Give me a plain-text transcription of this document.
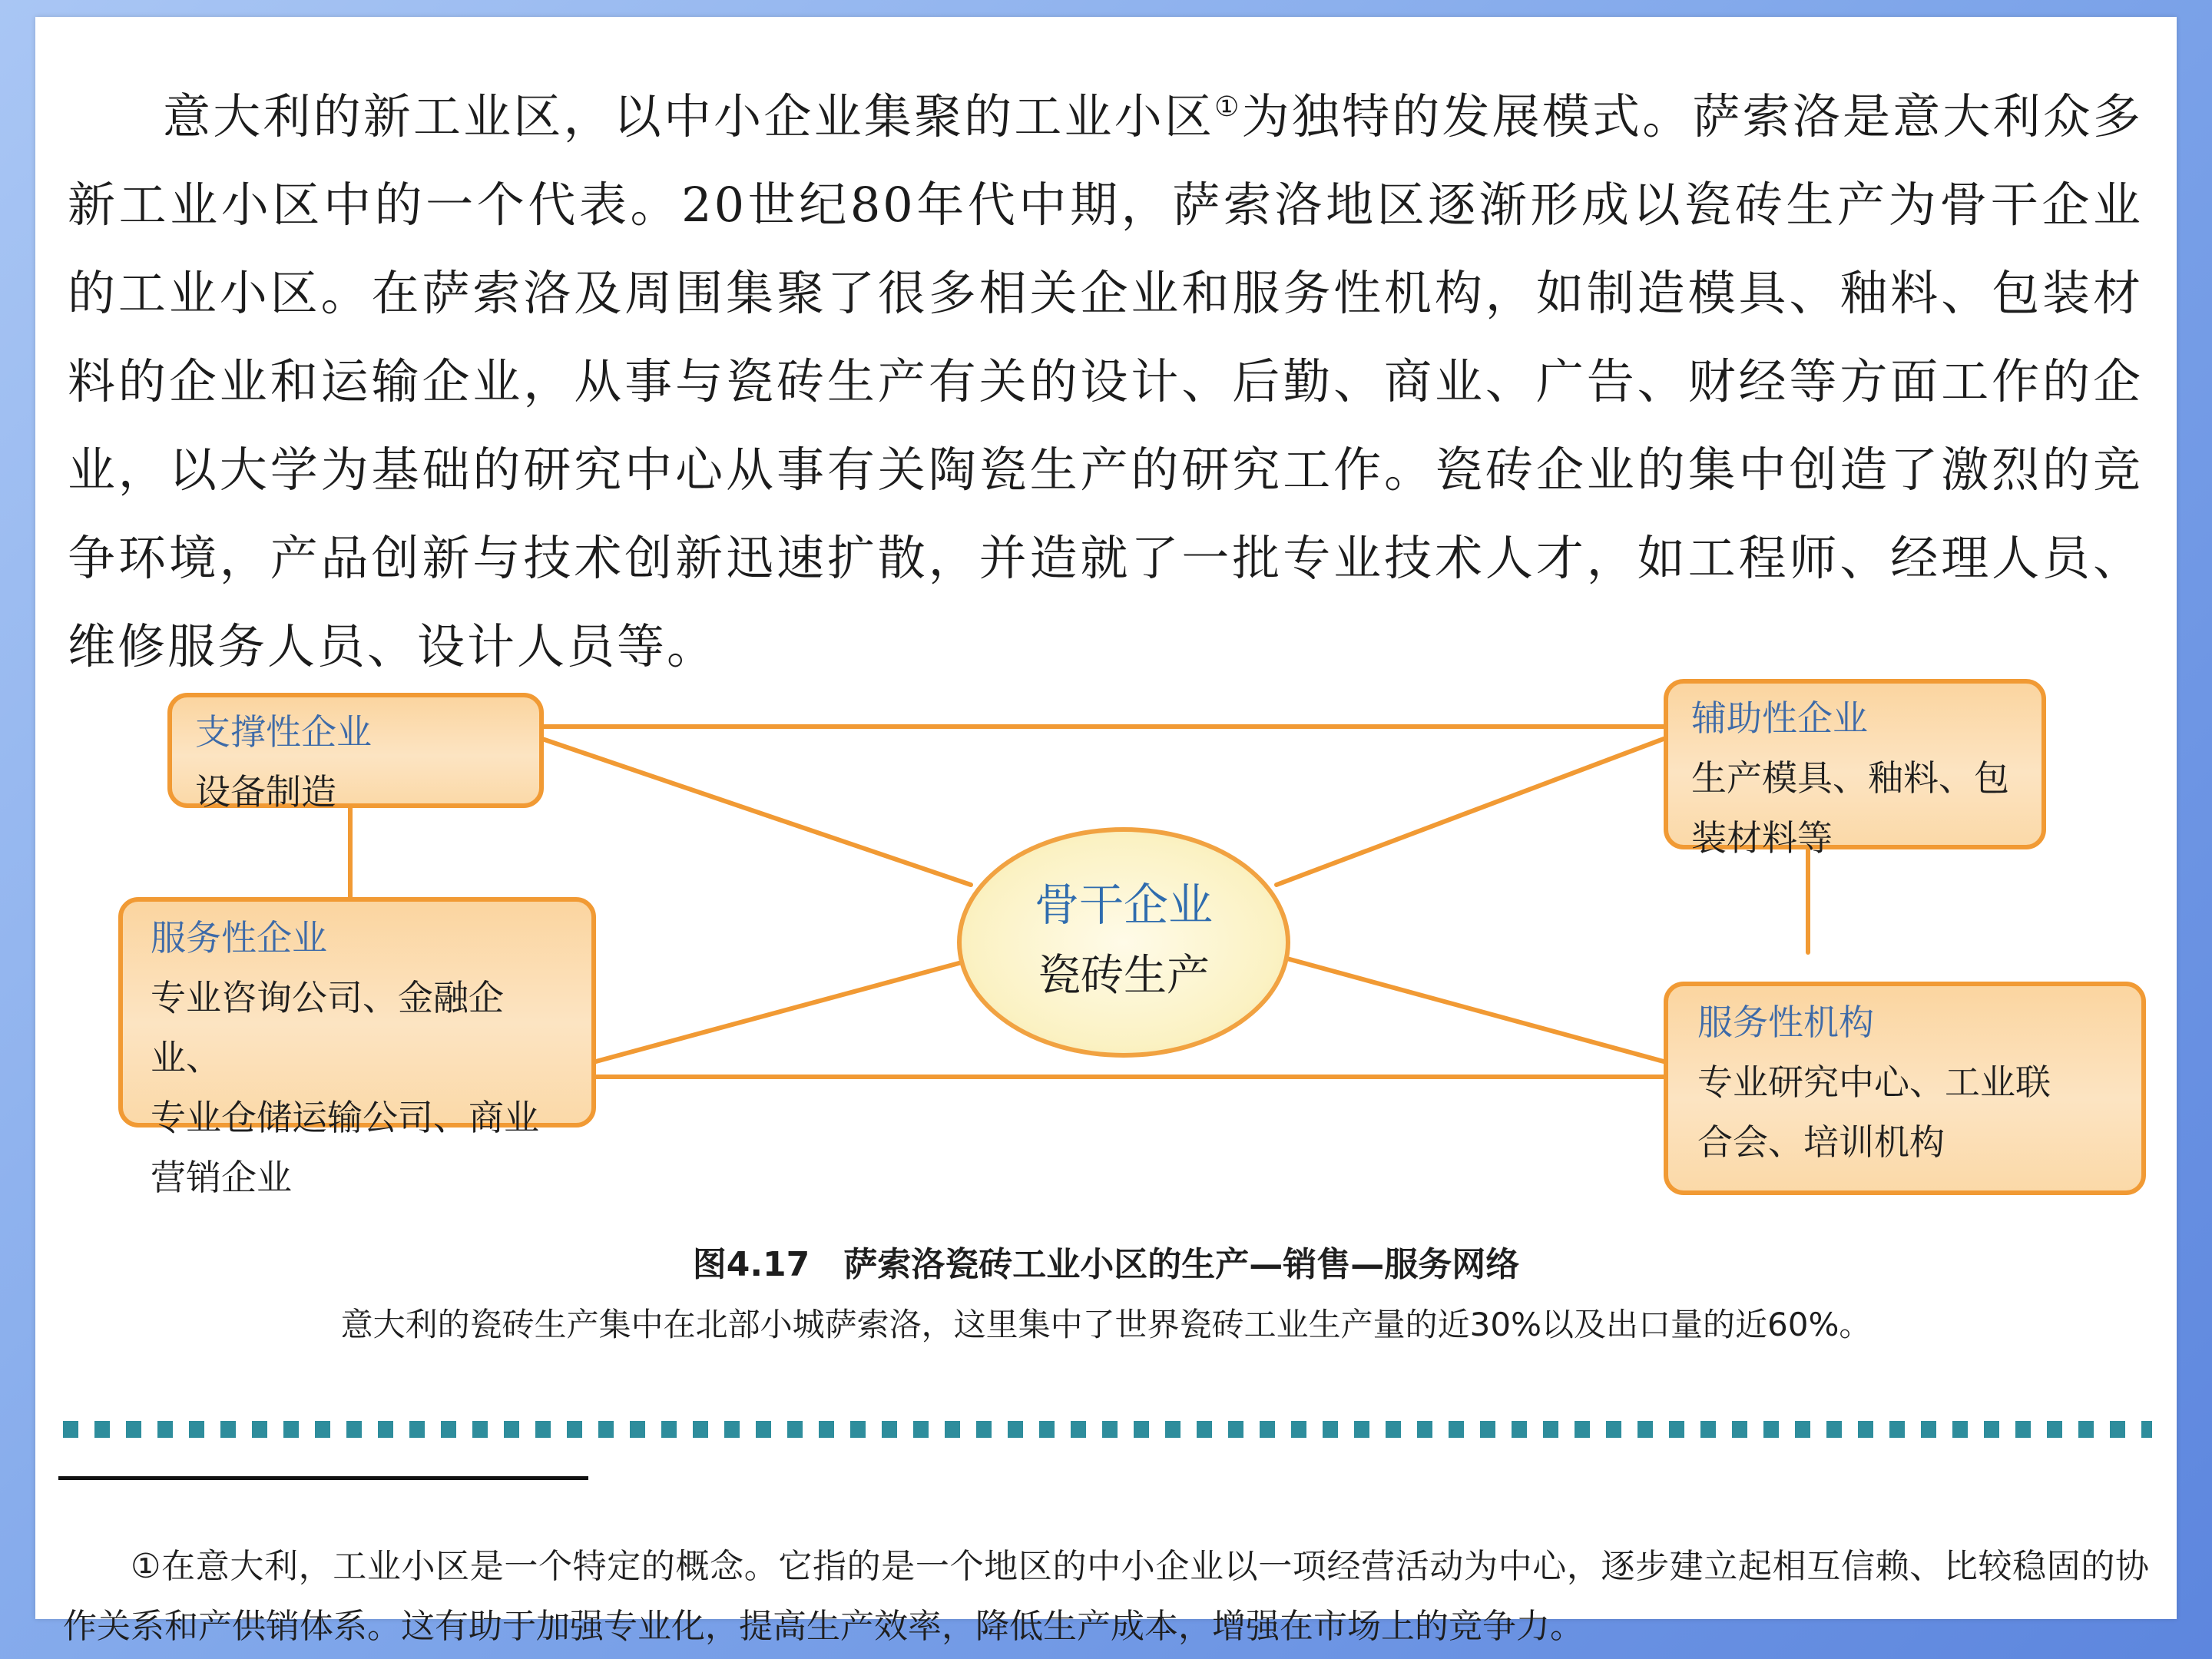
意大利的新工业区，以中小企业集聚的工业小区①为独特的发展模式。萨索洛是意大利众多新工业小区中的一个代表。20世纪80年代中期，萨索洛地区逐渐形成以瓷砖生产为骨干企业的工业小区。在萨索洛及周围集聚了很多相关企业和服务性机构，如制造模具、釉料、包装材料的企业和运输企业，从事与瓷砖生产有关的设计、后勤、商业、广告、财经等方面工作的企业，以大学为基础的研究中心从事有关陶瓷生产的研究工作。瓷砖企业的集中创造了激烈的竞争环境，产品创新与技术创新迅速扩散，并造就了一批专业技术人才，如工程师、经理人员、维修服务人员、设计人员等。

支撑性企业
设备制造
辅助性企业
生产模具、釉料、包
装材料等
服务性企业
专业咨询公司、金融企业、
专业仓储运输公司、商业
营销企业
服务性机构
专业研究中心、工业联
合会、培训机构
骨干企业
瓷砖生产
图4.17　萨索洛瓷砖工业小区的生产—销售—服务网络
意大利的瓷砖生产集中在北部小城萨索洛，这里集中了世界瓷砖工业生产量的近30%以及出口量的近60%。

①在意大利，工业小区是一个特定的概念。它指的是一个地区的中小企业以一项经营活动为中心，逐步建立起相互信赖、比较稳固的协作关系和产供销体系。这有助于加强专业化，提高生产效率，降低生产成本，增强在市场上的竞争力。
